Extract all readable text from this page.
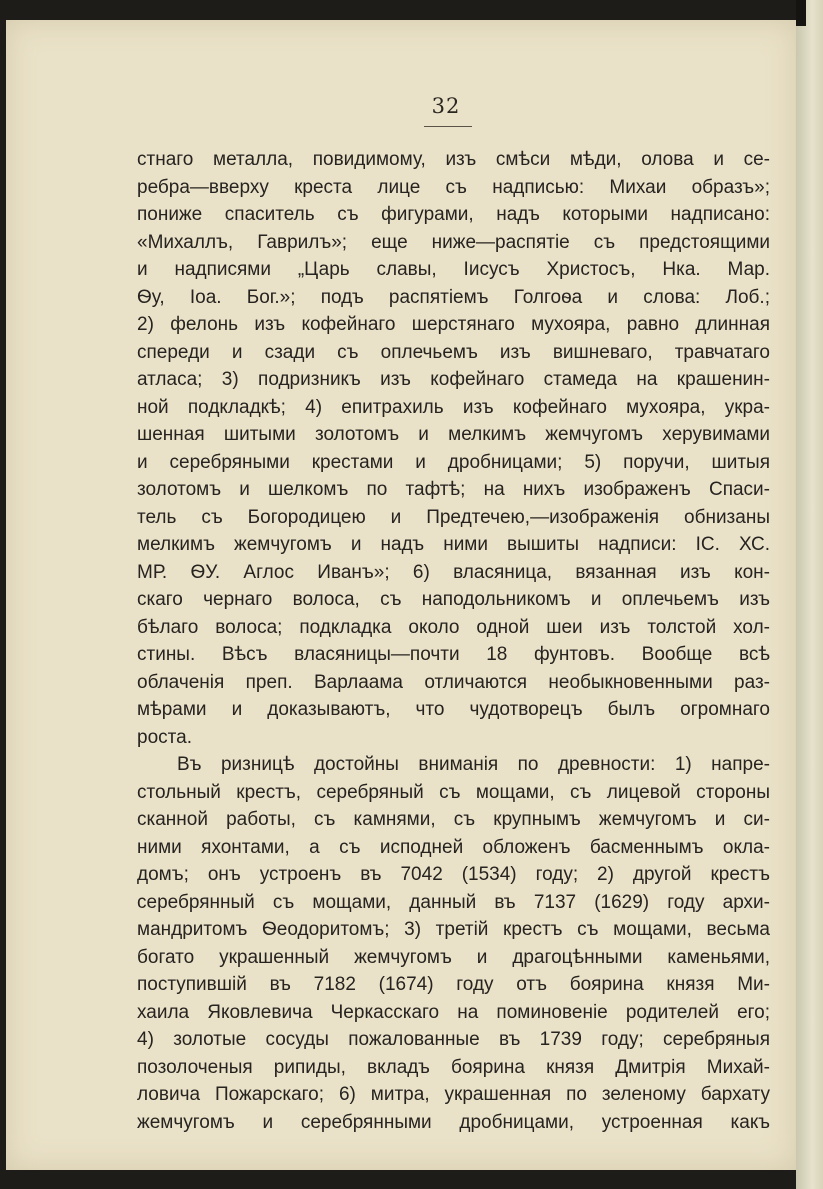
32
стнаго металла, повидимому, изъ смѣси мѣди, олова и се-
ребра—вверху креста лице съ надписью: Михаи образъ»;
пониже спаситель съ фигурами, надъ которыми надписано:
«Михаллъ, Гаврилъ»; еще ниже—распятіе съ предстоящими
и надписями „Царь славы, Іисусъ Христосъ, Нка. Мар.
Ѳу, Іоа. Бог.»; подъ распятіемъ Голгоѳа и слова: Лоб.;
2) фелонь изъ кофейнаго шерстянаго мухояра, равно длинная
спереди и сзади съ оплечьемъ изъ вишневаго, травчатаго
атласа; 3) подризникъ изъ кофейнаго стамеда на крашенин-
ной подкладкѣ; 4) епитрахиль изъ кофейнаго мухояра, укра-
шенная шитыми золотомъ и мелкимъ жемчугомъ херувимами
и серебряными крестами и дробницами; 5) поручи, шитыя
золотомъ и шелкомъ по тафтѣ; на нихъ изображенъ Спаси-
тель съ Богородицею и Предтечею,—изображенія обнизаны
мелкимъ жемчугомъ и надъ ними вышиты надписи: ІС. ХС.
МР. ѲУ. Аглос Иванъ»; 6) власяница, вязанная изъ кон-
скаго чернаго волоса, съ наподольникомъ и оплечьемъ изъ
бѣлаго волоса; подкладка около одной шеи изъ толстой хол-
стины. Вѣсъ власяницы—почти 18 фунтовъ. Вообще всѣ
облаченія преп. Варлаама отличаются необыкновенными раз-
мѣрами и доказываютъ, что чудотворецъ былъ огромнаго
роста.
Въ ризницѣ достойны вниманія по древности: 1) напре-
стольный крестъ, серебряный съ мощами, съ лицевой стороны
сканной работы, съ камнями, съ крупнымъ жемчугомъ и си-
ними яхонтами, а съ исподней обложенъ басменнымъ окла-
домъ; онъ устроенъ въ 7042 (1534) году; 2) другой крестъ
серебрянный съ мощами, данный въ 7137 (1629) году архи-
мандритомъ Ѳеодоритомъ; 3) третій крестъ съ мощами, весьма
богато украшенный жемчугомъ и драгоцѣнными каменьями,
поступившій въ 7182 (1674) году отъ боярина князя Ми-
хаила Яковлевича Черкасскаго на поминовеніе родителей его;
4) золотые сосуды пожалованные въ 1739 году; серебряныя
позолоченыя рипиды, вкладъ боярина князя Дмитрія Михай-
ловича Пожарскаго; 6) митра, украшенная по зеленому бархату
жемчугомъ и серебрянными дробницами, устроенная какъ
